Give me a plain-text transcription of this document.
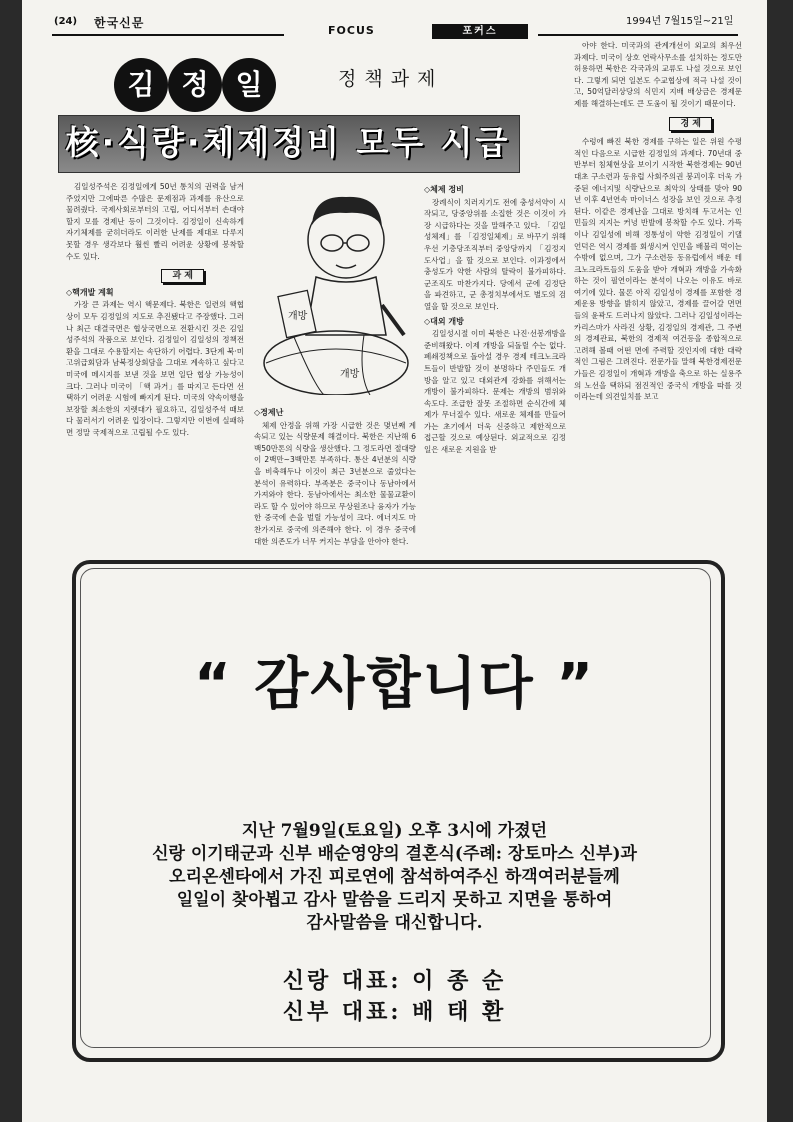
(24) 한국신문
FOCUS	포커스
1994년 7월15일~21일
김 정 일	정책과제
核·식량·체제정비 모두 시급

김일성주석은 김정일에게 50년 통치의 권력을 남겨주었지만 그에따른 수많은 문제점과 과제를 유산으로 물려줬다. 국제사회로부터의 고립, 어디서부터 손대야 할지 모를 경제난 등이 그것이다. 김정일이 신속하게 자기체제를 굳히더라도 이러한 난제를 제대로 다루지 못할 경우 생각보다 훨씬 빨리 어려운 상황에 봉착할 수도 있다.

과 제
◇핵개발 계획

가장 큰 과제는 역시 핵문제다. 북한은 일련의 핵협상이 모두 김정일의 지도로 추진됐다고 주장했다. 그러나 최근 대결국면은 협상국면으로 전환시킨 것은 김일성주석의 작품으로 보인다. 김정일이 김일성의 정책전환을 그대로 수용할지는 속단하기 어렵다. 3단계 북·미 고위급회담과 남북정상회담을 그대로 계속하고 싶다고 미국에 메시지를 보낸 것을 보면 일단 협상 가능성이 크다. 그러나 미국이 「핵 과거」를 따지고 든다면 선택하기 어려운 시험에 빠지게 된다. 미국의 약속이행을 보장할 최소한의 지렛대가 필요하고, 김일성주석 때보다 물러서기 어려운 입장이다. 그렇지만 이번에 실패하면 정말 국제적으로 고립될 수도 있다.

개방
개방
◇경제난

체제 안정을 위해 가장 시급한 것은 몇년째 계속되고 있는 식량문제 해결이다. 북한은 지난해 6백50만톤의 식량을 생산했다. 그 정도라면 절대량이 2백만~3백만톤 부족하다. 통산 4년분의 식량을 비축해두나 이것이 최근 3년분으로 줄었다는 분석이 유력하다. 부족분은 중국이나 동남아에서 가져와야 한다. 동남아에서는 최소한 물물교환이라도 할 수 있어야 하므로 무상원조나 융자가 가능한 중국에 손을 벌릴 가능성이 크다. 에너지도 마찬가지로 중국에 의존해야 한다. 이 경우 중국에 대한 의존도가 너무 커지는 부담을 안아야 한다.

◇체제 정비

장례식이 치러지기도 전에 충성서약이 시작되고, 당중앙위를 소집한 것은 이것이 가장 시급하다는 것을 말해주고 있다. 「김일성체제」를 「김정일체제」로 바꾸기 위해 우선 기층당조직부터 중앙당까지 「김정지도사업」을 할 것으로 보인다. 이과정에서 충성도가 약한 사람의 탈락이 불가피하다. 군조직도 마찬가지다. 당에서 군에 김정단을 파견하고, 군 총정치부에서도 별도의 검열을 할 것으로 보인다.

◇대외 개방

김일성시절 이미 북한은 나진·선봉개방을 준비해왔다. 이제 개방을 되돌릴 수는 없다. 폐쇄정책으로 돌아설 경우 경제 테크노크라트들이 반발할 것이 분명하다 주민들도 개방을 알고 있고 대외관계 강화를 위해서는 개방이 불가피하다. 문제는 개방의 범위와 속도다. 조급한 잘못 조절하면 순식간에 체제가 무너질수 있다. 새로운 체제를 만들어가는 초기에서 더욱 신중하고 제한적으로 접근할 것으로 예상된다. 외교적으로 김정일은 새로운 지원을 받

아야 한다. 미국과의 관계개선이 외교의 최우선 과제다. 미국이 상호 연락사무소를 설치하는 정도만 허용하면 북한은 각국과의 교류도 나설 것으로 보인다. 그렇게 되면 일본도 수교협상에 적극 나설 것이고, 50억달러상당의 식민지 지배 배상금은 경제문제를 해결하는데도 큰 도움이 될 것이기 때문이다.

경 제

수렁에 빠진 북한 경제를 구하는 일은 위원 수평적인 다음으로 시급한 김정일의 과제다. 70년대 중반부터 침체현상을 보이기 시작한 북한경제는 90년대초 구소련과 동유럽 사회주의권 붕괴이후 더욱 가중된 에너지및 식량난으로 최악의 상태를 맞아 90년 이후 4년연속 마이너스 성장을 보인 것으로 추정된다. 이같은 경제난을 그대로 방치해 두고서는 인민들의 지지는 커녕 반발에 봉착할 수도 있다. 가뜩이나 김일성에 비해 정통성이 약한 김정일이 기댈 언덕은 역시 경제를 회생시켜 인민을 배불리 먹이는 수밖에 없으며, 그가 구소련등 동유럽에서 배운 테크노크라트들의 도움을 받아 개혁과 개방을 가속화하는 것이 필연이라는 분석이 나오는 이유도 바로 여기에 있다. 물론 아직 김일성이 경제를 포함한 경제운용 방향을 밝히지 않았고, 경제를 끌어갈 면면들의 윤곽도 드러나지 않았다. 그러나 김일성이라는 카리스마가 사라진 상황, 김정일의 경제관, 그 주변의 경제관료, 북한의 경제적 여건등을 종합적으로 고려해 볼때 어떤 면에 주력할 것인지에 대한 대략적인 그림은 그려진다. 전문가들 말해 북한경제전문가들은 김정일이 개혁과 개방을 축으로 하는 실용주의 노선을 택하되 점진적인 중국식 개방을 따를 것이라는데 의견일치를 보고

“ 감사합니다 ”
지난 7월9일(토요일) 오후 3시에 가졌던
신랑 이기태군과 신부 배순영양의 결혼식(주례: 장토마스 신부)과
오리온센타에서 가진 피로연에 참석하여주신 하객여러분들께
일일이 찾아뵙고 감사 말씀을 드리지 못하고 지면을 통하여
감사말씀을 대신합니다.
신랑 대표: 이 종 순
신부 대표: 배 태 환
